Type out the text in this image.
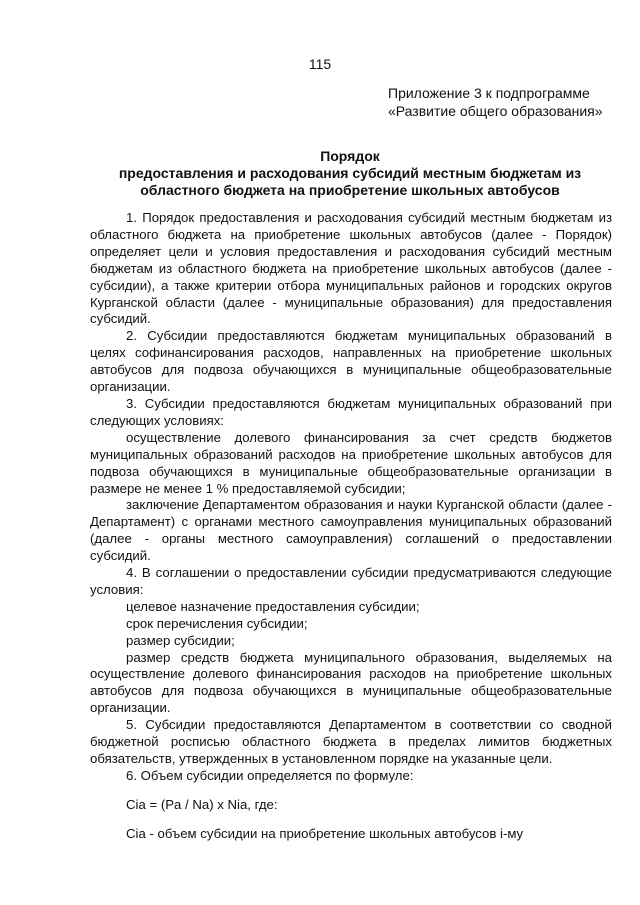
115
Приложение 3 к подпрограмме
«Развитие общего образования»
Порядок
предоставления и расходования субсидий местным бюджетам из областного бюджета на приобретение школьных автобусов

1. Порядок предоставления и расходования субсидий местным бюджетам из областного бюджета на приобретение школьных автобусов (далее - Порядок) определяет цели и условия предоставления и расходования субсидий местным бюджетам из областного бюджета на приобретение школьных автобусов (далее - субсидии), а также критерии отбора муниципальных районов и городских округов Курганской области (далее - муниципальные образования) для предоставления субсидий.

2. Субсидии предоставляются бюджетам муниципальных образований в целях софинансирования расходов, направленных на приобретение школьных автобусов для подвоза обучающихся в муниципальные общеобразовательные организации.

3. Субсидии предоставляются бюджетам муниципальных образований при следующих условиях:

осуществление долевого финансирования за счет средств бюджетов муниципальных образований расходов на приобретение школьных автобусов для подвоза обучающихся в муниципальные общеобразовательные организации в размере не менее 1 % предоставляемой субсидии;

заключение Департаментом образования и науки Курганской области (далее - Департамент) с органами местного самоуправления муниципальных образований (далее - органы местного самоуправления) соглашений о предоставлении субсидий.

4. В соглашении о предоставлении субсидии предусматриваются следующие условия:

целевое назначение предоставления субсидии;

срок перечисления субсидии;

размер субсидии;

размер средств бюджета муниципального образования, выделяемых на осуществление долевого финансирования расходов на приобретение школьных автобусов для подвоза обучающихся в муниципальные общеобразовательные организации.

5. Субсидии предоставляются Департаментом в соответствии со сводной бюджетной росписью областного бюджета в пределах лимитов бюджетных обязательств, утвержденных в установленном порядке на указанные цели.

6. Объем субсидии определяется по формуле:

Cia = (Pa / Na) x Nia, где:

Cia - объем субсидии на приобретение школьных автобусов i-му
